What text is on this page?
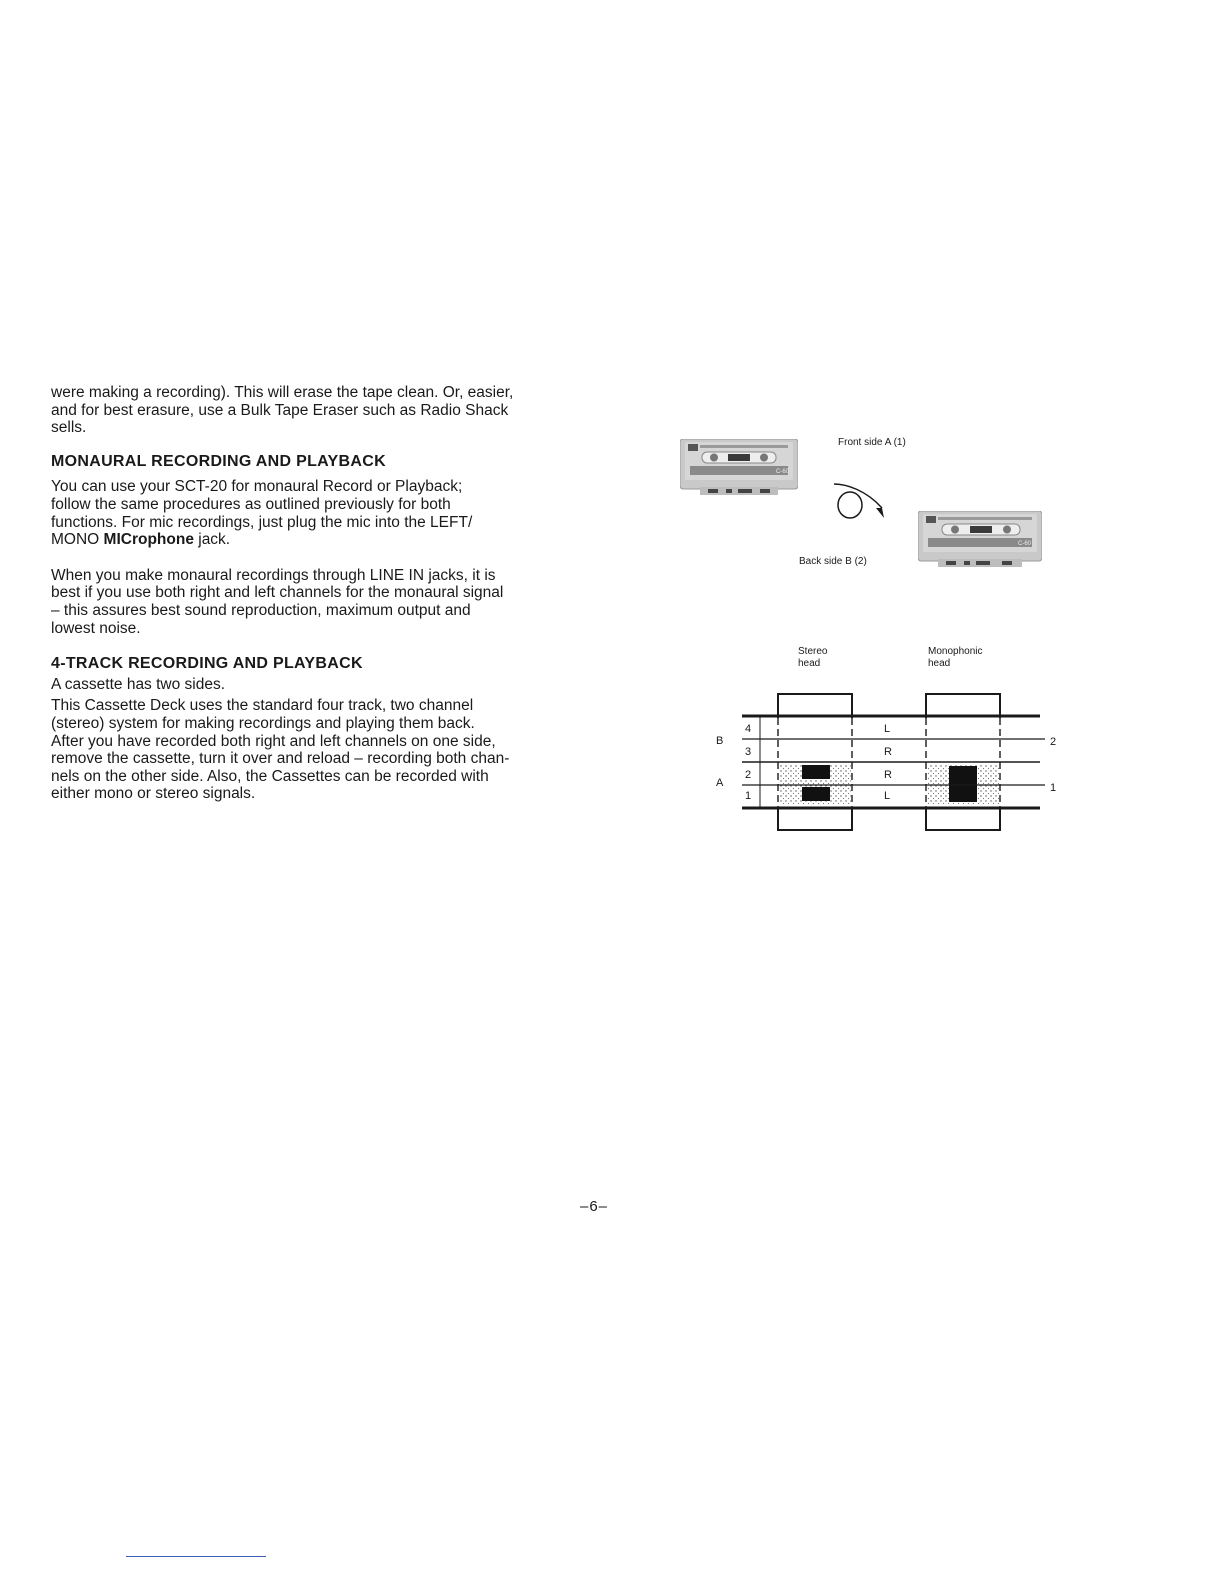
were making a recording). This will erase the tape clean. Or, easier,
and for best erasure, use a Bulk Tape Eraser such as Radio Shack
sells.

MONAURAL RECORDING AND PLAYBACK

You can use your SCT-20 for monaural Record or Playback;
follow the same procedures as outlined previously for both
functions. For mic recordings, just plug the mic into the LEFT/
MONO MICrophone jack.

When you make monaural recordings through LINE IN jacks, it is
best if you use both right and left channels for the monaural signal
– this assures best sound reproduction, maximum output and
lowest noise.

4-TRACK RECORDING AND PLAYBACK

A cassette has two sides.

This Cassette Deck uses the standard four track, two channel
(stereo) system for making recordings and playing them back.
After you have recorded both right and left channels on one side,
remove the cassette, turn it over and reload – recording both chan-
nels on the other side. Also, the Cassettes can be recorded with
either mono or stereo signals.

C-60
C-60
Front side A (1)
Back side B (2)
Stereo
head
Monophonic
head
B
A
4
3
2
1
L
R
R
L
2
1
–6–
